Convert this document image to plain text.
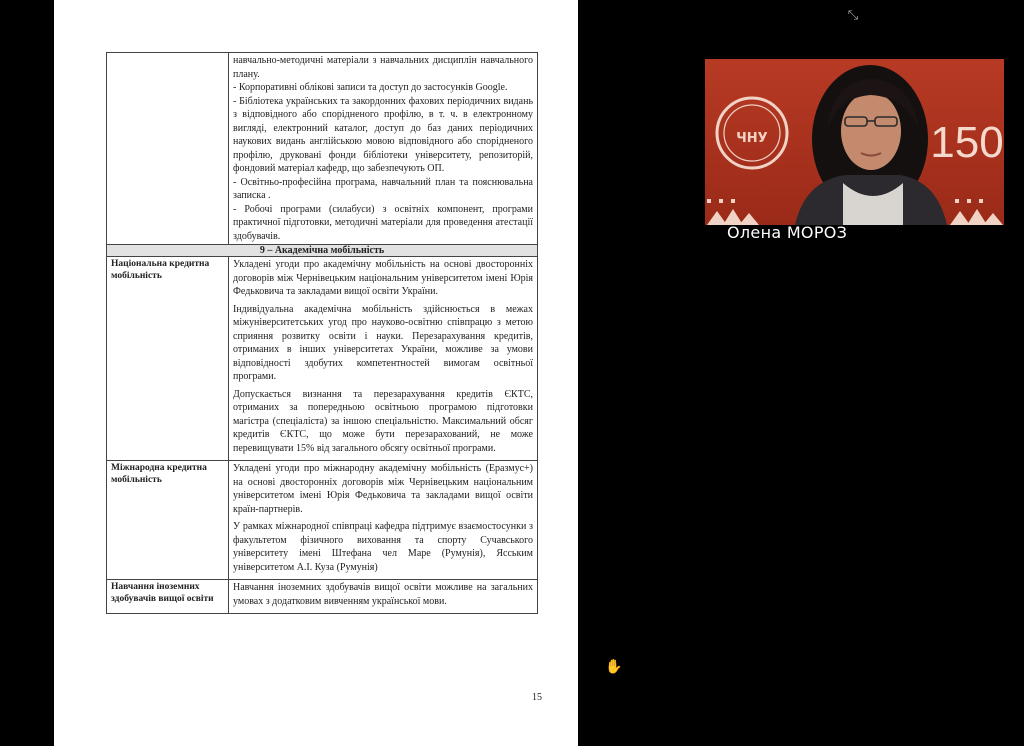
	навчально-методичні матеріали з навчальних дисциплін навчального плану.

- Корпоративні облікові записи та доступ до застосунків Google.

- Бібліотека українських та закордонних фахових періодичних видань з відповідного або спорідненого профілю, в т. ч. в електронному вигляді, електронний каталог, доступ до баз даних періодичних наукових видань англійською мовою відповідного або спорідненого профілю, друковані фонди бібліотеки університету, репозиторій, фондовий матеріал кафедр, що забезпечують ОП.

- Освітньо-професійна програма, навчальний план та пояснювальна записка .

- Робочі програми (силабуси) з освітніх компонент, програми практичної підготовки, методичні матеріали для проведення атестації здобувачів.

9 – Академічна мобільність	
Національна кредитна мобільність	Укладені угоди про академічну мобільність на основі двосторонніх договорів між Чернівецьким національним університетом імені Юрія Федьковича та закладами вищої освіти України.

Індивідуальна академічна мобільність здійснюється в межах міжуніверситетських угод про науково-освітню співпрацю з метою сприяння розвитку освіти і науки. Перезарахування кредитів, отриманих в інших університетах України, можливе за умови відповідності здобутих компетентностей вимогам освітньої програми.

Допускається визнання та перезарахування кредитів ЄКТС, отриманих за попередньою освітньою програмою підготовки магістра (спеціаліста) за іншою спеціальністю. Максимальний обсяг кредитів ЄКТС, що може бути перезарахований, не може перевищувати 15% від загального обсягу освітньої програми.

Міжнародна кредитна мобільність	Укладені угоди про міжнародну академічну мобільність (Еразмус+) на основі двосторонніх договорів між Чернівецьким національним університетом імені Юрія Федьковича та закладами вищої освіти країн-партнерів.

У рамках міжнародної співпраці кафедра підтримує взаємостосунки з факультетом фізичного виховання та спорту Сучавського університету імені Штефана чел Маре (Румунія), Ясським університетом А.І. Куза (Румунія)

Навчання іноземних здобувачів вищої освіти	Навчання іноземних здобувачів вищої освіти можливе на загальних умовах з додатковим вивченням української мови.

15
⤡
ЧНУ	150
Олена МОРОЗ
✋
